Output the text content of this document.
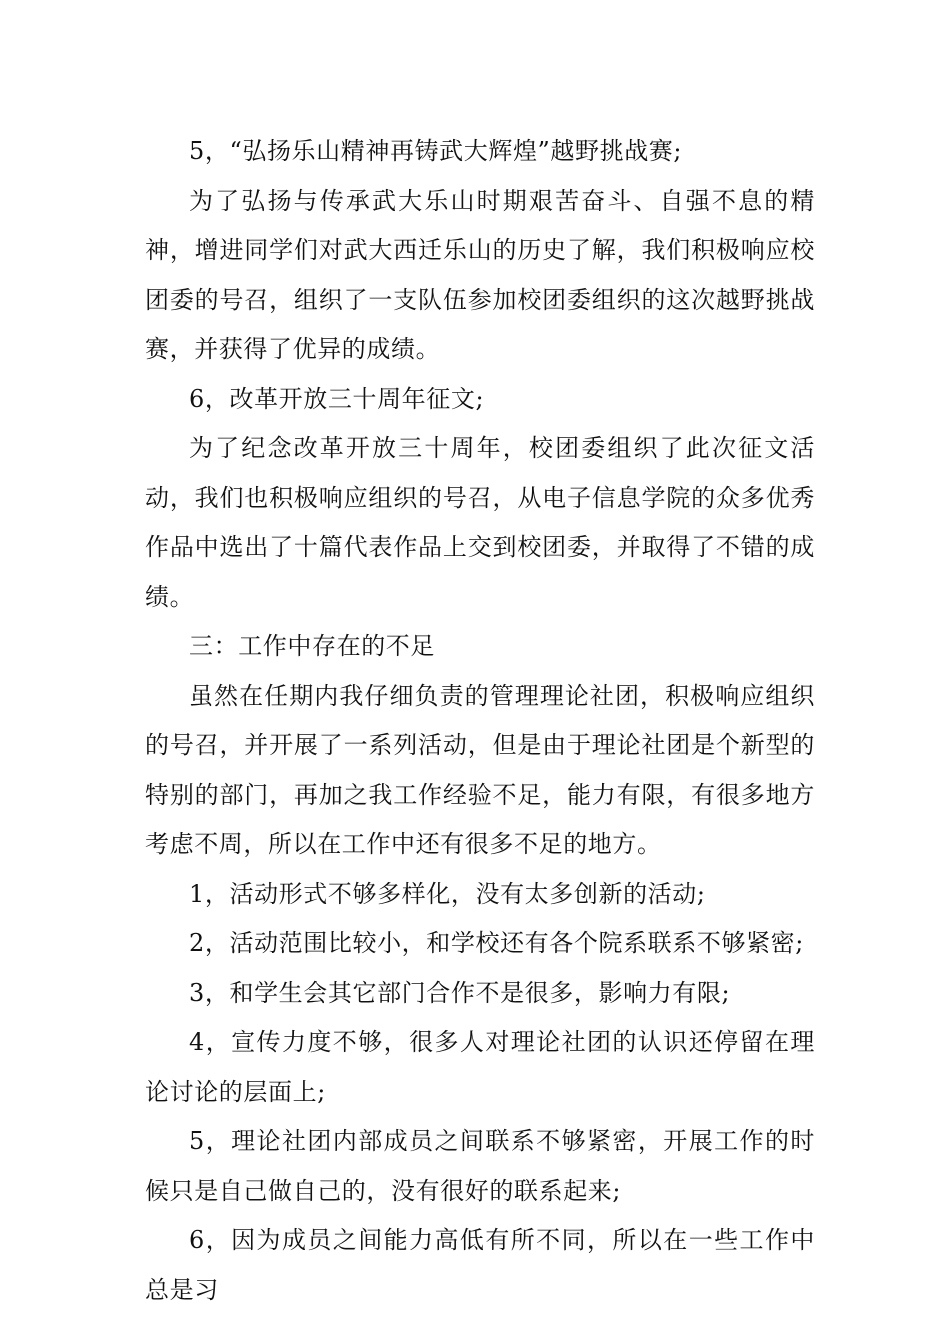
5，“弘扬乐山精神再铸武大辉煌”越野挑战赛;

为了弘扬与传承武大乐山时期艰苦奋斗、自强不息的精神，增进同学们对武大西迁乐山的历史了解，我们积极响应校团委的号召，组织了一支队伍参加校团委组织的这次越野挑战赛，并获得了优异的成绩。

6，改革开放三十周年征文;

为了纪念改革开放三十周年，校团委组织了此次征文活动，我们也积极响应组织的号召，从电子信息学院的众多优秀作品中选出了十篇代表作品上交到校团委，并取得了不错的成绩。

三：工作中存在的不足

虽然在任期内我仔细负责的管理理论社团，积极响应组织的号召，并开展了一系列活动，但是由于理论社团是个新型的特别的部门，再加之我工作经验不足，能力有限，有很多地方考虑不周，所以在工作中还有很多不足的地方。

1，活动形式不够多样化，没有太多创新的活动;

2，活动范围比较小，和学校还有各个院系联系不够紧密;

3，和学生会其它部门合作不是很多，影响力有限;

4，宣传力度不够，很多人对理论社团的认识还停留在理论讨论的层面上;

5，理论社团内部成员之间联系不够紧密，开展工作的时候只是自己做自己的，没有很好的联系起来;

6，因为成员之间能力高低有所不同，所以在一些工作中总是习
